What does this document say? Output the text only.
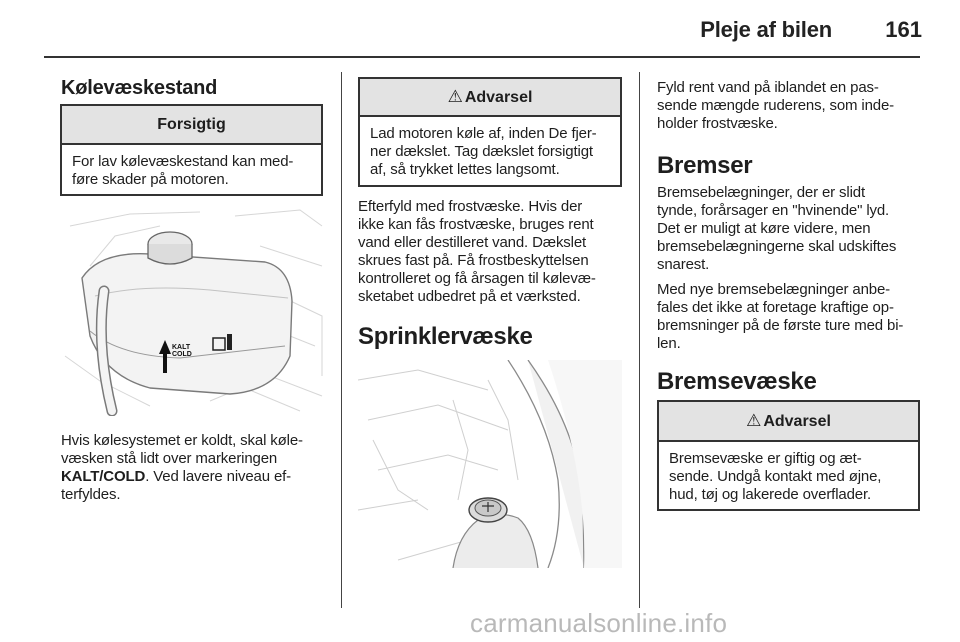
Pleje af bilen 161
Kølevæskestand
Forsigtig
For lav kølevæskestand kan med-
føre skader på motoren.
KALT
COLD
Hvis kølesystemet er koldt, skal køle-
væsken stå lidt over markeringen
KALT/COLD. Ved lavere niveau ef-
terfyldes.
⚠ Advarsel
Lad motoren køle af, inden De fjer-
ner dækslet. Tag dækslet forsigtigt
af, så trykket lettes langsomt.
Efterfyld med frostvæske. Hvis der
ikke kan fås frostvæske, bruges rent
vand eller destilleret vand. Dækslet
skrues fast på. Få frostbeskyttelsen
kontrolleret og få årsagen til kølevæ-
sketabet udbedret på et værksted.
Sprinklervæske
Fyld rent vand på iblandet en pas-
sende mængde ruderens, som inde-
holder frostvæske.
Bremser
Bremsebelægninger, der er slidt
tynde, forårsager en "hvinende" lyd.
Det er muligt at køre videre, men
bremsebelægningerne skal udskiftes
snarest.
Med nye bremsebelægninger anbe-
fales det ikke at foretage kraftige op-
bremsninger på de første ture med bi-
len.
Bremsevæske
⚠ Advarsel
Bremsevæske er giftig og æt-
sende. Undgå kontakt med øjne,
hud, tøj og lakerede overflader.
carmanualsonline.info
